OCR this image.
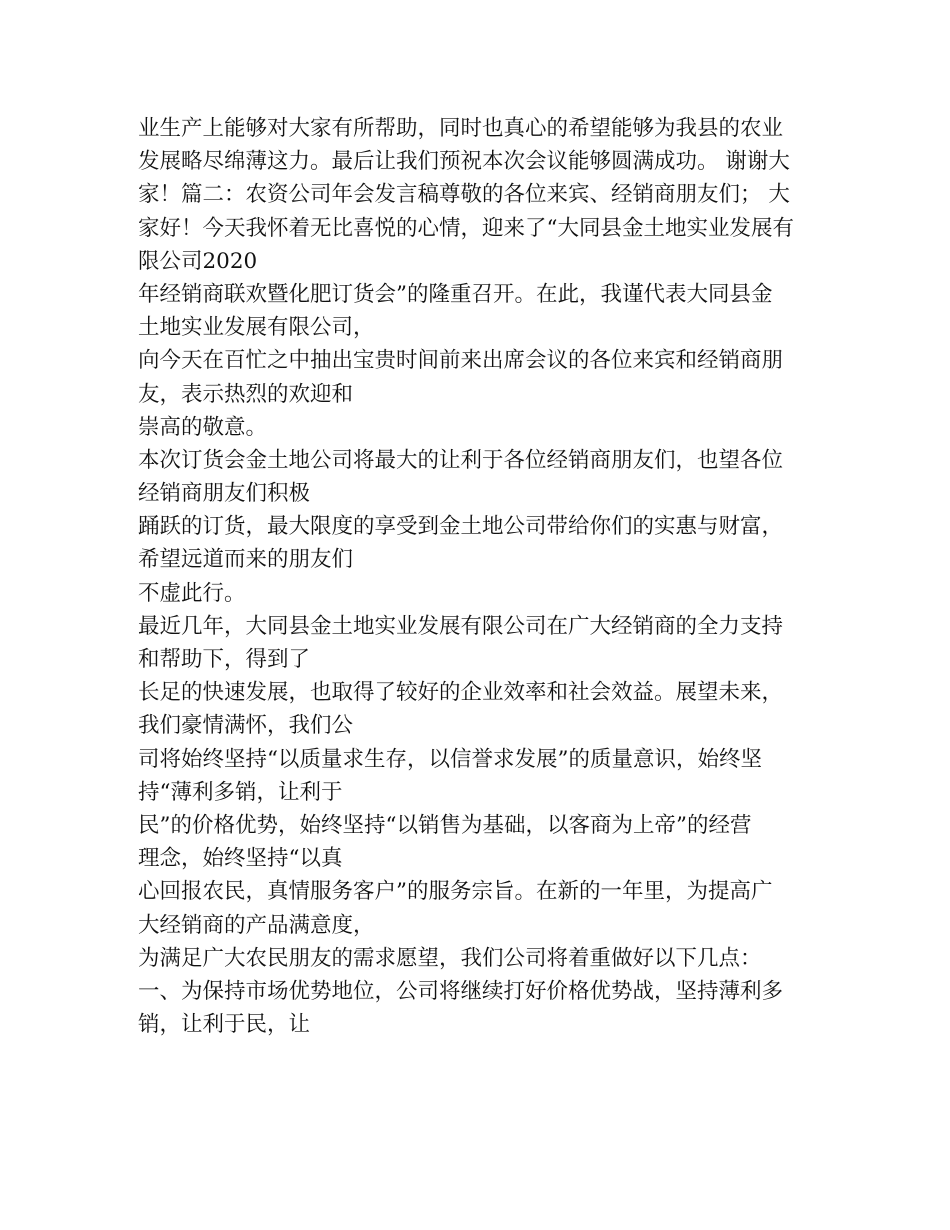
业生产上能够对大家有所帮助，同时也真心的希望能够为我县的农业
发展略尽绵薄这力。最后让我们预祝本次会议能够圆满成功。 谢谢大
家！篇二：农资公司年会发言稿尊敬的各位来宾、经销商朋友们； 大
家好！今天我怀着无比喜悦的心情，迎来了“大同县金土地实业发展有
限公司2020
年经销商联欢暨化肥订货会”的隆重召开。在此，我谨代表大同县金
土地实业发展有限公司，
向今天在百忙之中抽出宝贵时间前来出席会议的各位来宾和经销商朋
友，表示热烈的欢迎和
崇高的敬意。
本次订货会金土地公司将最大的让利于各位经销商朋友们，也望各位
经销商朋友们积极
踊跃的订货，最大限度的享受到金土地公司带给你们的实惠与财富，
希望远道而来的朋友们
不虚此行。
最近几年，大同县金土地实业发展有限公司在广大经销商的全力支持
和帮助下，得到了
长足的快速发展，也取得了较好的企业效率和社会效益。展望未来，
我们豪情满怀，我们公
司将始终坚持“以质量求生存，以信誉求发展”的质量意识，始终坚
持“薄利多销，让利于
民”的价格优势，始终坚持“以销售为基础，以客商为上帝”的经营
理念，始终坚持“以真
心回报农民，真情服务客户”的服务宗旨。在新的一年里，为提高广
大经销商的产品满意度，
为满足广大农民朋友的需求愿望，我们公司将着重做好以下几点：
一、为保持市场优势地位，公司将继续打好价格优势战，坚持薄利多
销，让利于民，让
